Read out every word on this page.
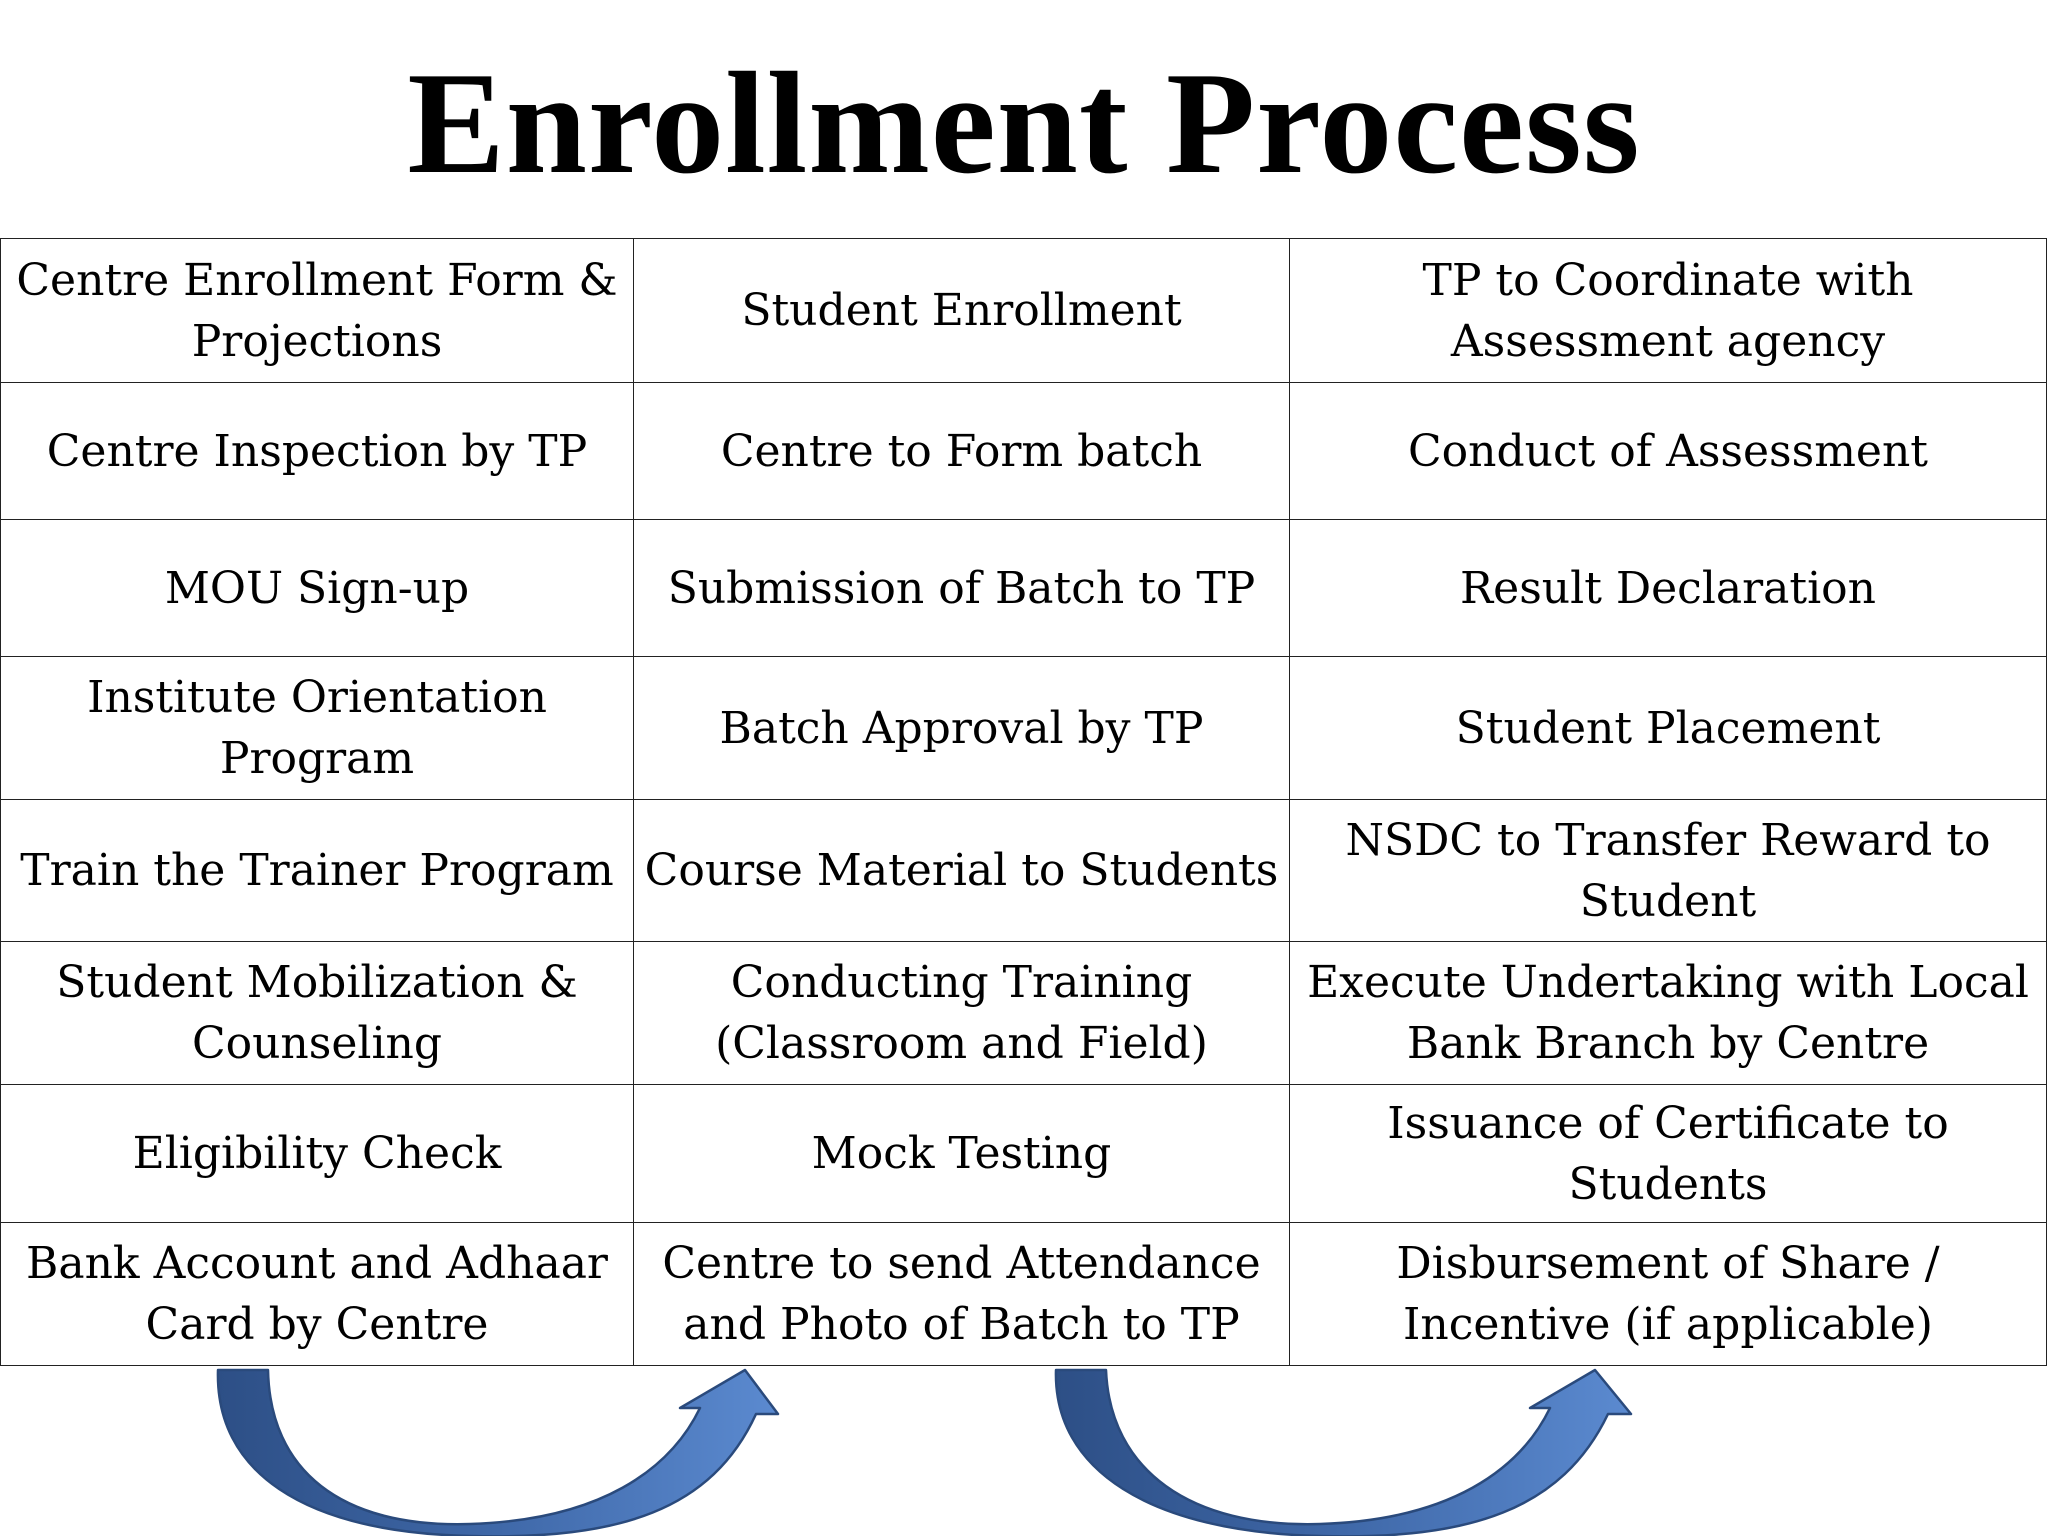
Enrollment Process
Centre Enrollment Form & Projections	Student Enrollment	TP to Coordinate with Assessment agency
Centre Inspection by TP	Centre to Form batch	Conduct of Assessment
MOU Sign-up	Submission of Batch to TP	Result Declaration
Institute Orientation Program	Batch Approval by TP	Student Placement
Train the Trainer Program	Course Material to Students	NSDC to Transfer Reward to Student
Student Mobilization & Counseling	Conducting Training (Classroom and Field)	Execute Undertaking with Local Bank Branch by Centre
Eligibility Check	Mock Testing	Issuance of Certificate to Students
Bank Account and Adhaar Card by Centre	Centre to send Attendance and Photo of Batch to TP	Disbursement of Share / Incentive (if applicable)
